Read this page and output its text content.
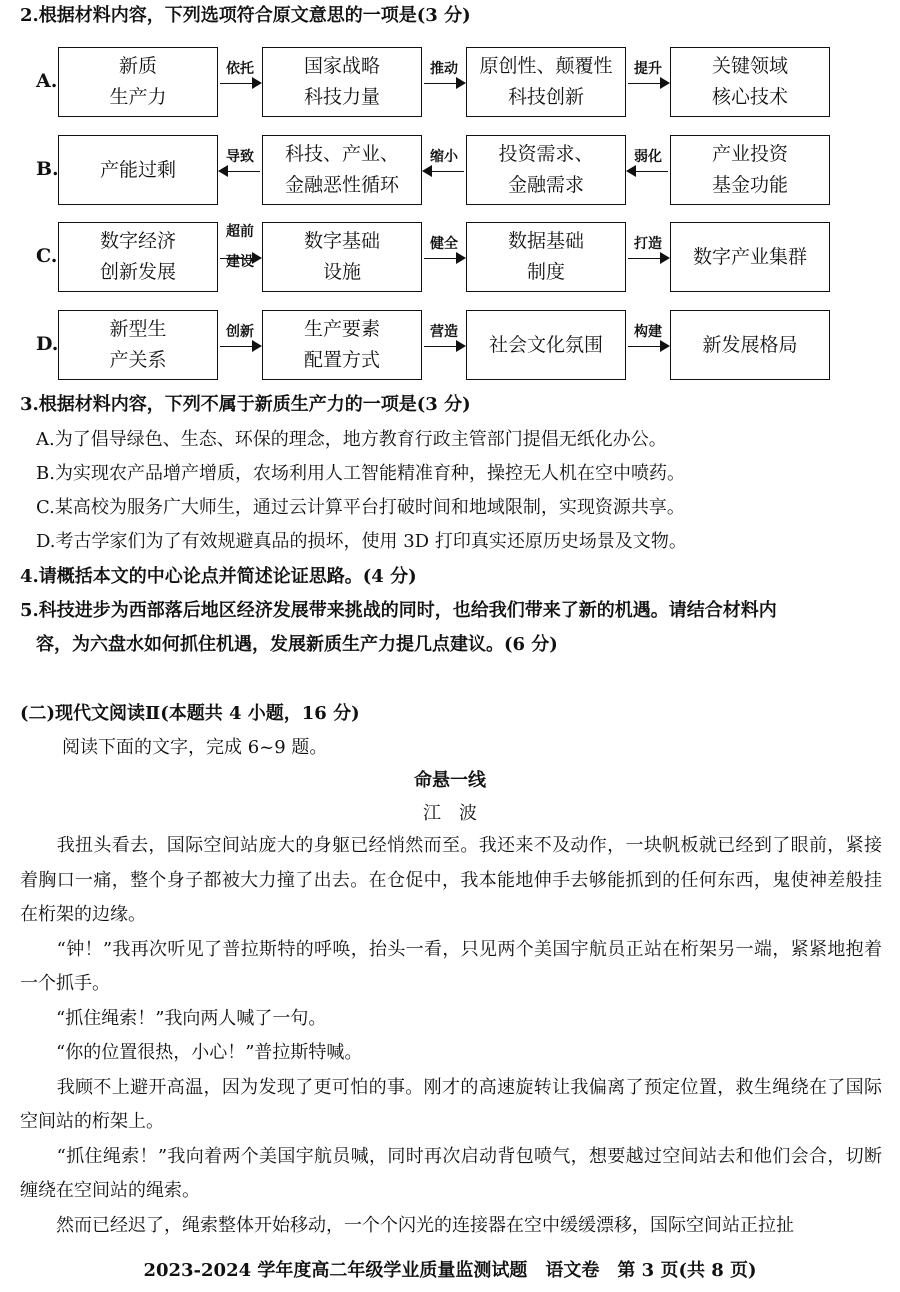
2.根据材料内容，下列选项符合原文意思的一项是(3 分)
A.
新质
生产力
国家战略
科技力量
原创性、颠覆性
科技创新
关键领域
核心技术
依托	推动	提升
B. 产能过剩
科技、产业、
金融恶性循环
投资需求、
金融需求
产业投资
基金功能
导致	缩小	弱化
C.
数字经济
创新发展
数字基础
设施
数据基础
制度
数字产业集群
超前
建设
健全	打造
D.
新型生
产关系
生产要素
配置方式
社会文化氛围	新发展格局
创新	营造	构建
3.根据材料内容，下列不属于新质生产力的一项是(3 分)
A.为了倡导绿色、生态、环保的理念，地方教育行政主管部门提倡无纸化办公。
B.为实现农产品增产增质，农场利用人工智能精准育种，操控无人机在空中喷药。
C.某高校为服务广大师生，通过云计算平台打破时间和地域限制，实现资源共享。
D.考古学家们为了有效规避真品的损坏，使用 3D 打印真实还原历史场景及文物。
4.请概括本文的中心论点并简述论证思路。(4 分)
5.科技进步为西部落后地区经济发展带来挑战的同时，也给我们带来了新的机遇。请结合材料内
容，为六盘水如何抓住机遇，发展新质生产力提几点建议。(6 分)
(二)现代文阅读Ⅱ(本题共 4 小题，16 分)
阅读下面的文字，完成 6~9 题。
命悬一线
江　波
　　我扭头看去，国际空间站庞大的身躯已经悄然而至。我还来不及动作，一块帆板就已经到了眼前，紧接着胸口一痛，整个身子都被大力撞了出去。在仓促中，我本能地伸手去够能抓到的任何东西，鬼使神差般挂在桁架的边缘。
　　“钟！”我再次听见了普拉斯特的呼唤，抬头一看，只见两个美国宇航员正站在桁架另一端，紧紧地抱着一个抓手。
　　“抓住绳索！”我向两人喊了一句。
　　“你的位置很热，小心！”普拉斯特喊。
　　我顾不上避开高温，因为发现了更可怕的事。刚才的高速旋转让我偏离了预定位置，救生绳绕在了国际空间站的桁架上。
　　“抓住绳索！”我向着两个美国宇航员喊，同时再次启动背包喷气，想要越过空间站去和他们会合，切断缠绕在空间站的绳索。
　　然而已经迟了，绳索整体开始移动，一个个闪光的连接器在空中缓缓漂移，国际空间站正拉扯
2023-2024 学年度高二年级学业质量监测试题　语文卷　第 3 页(共 8 页)
